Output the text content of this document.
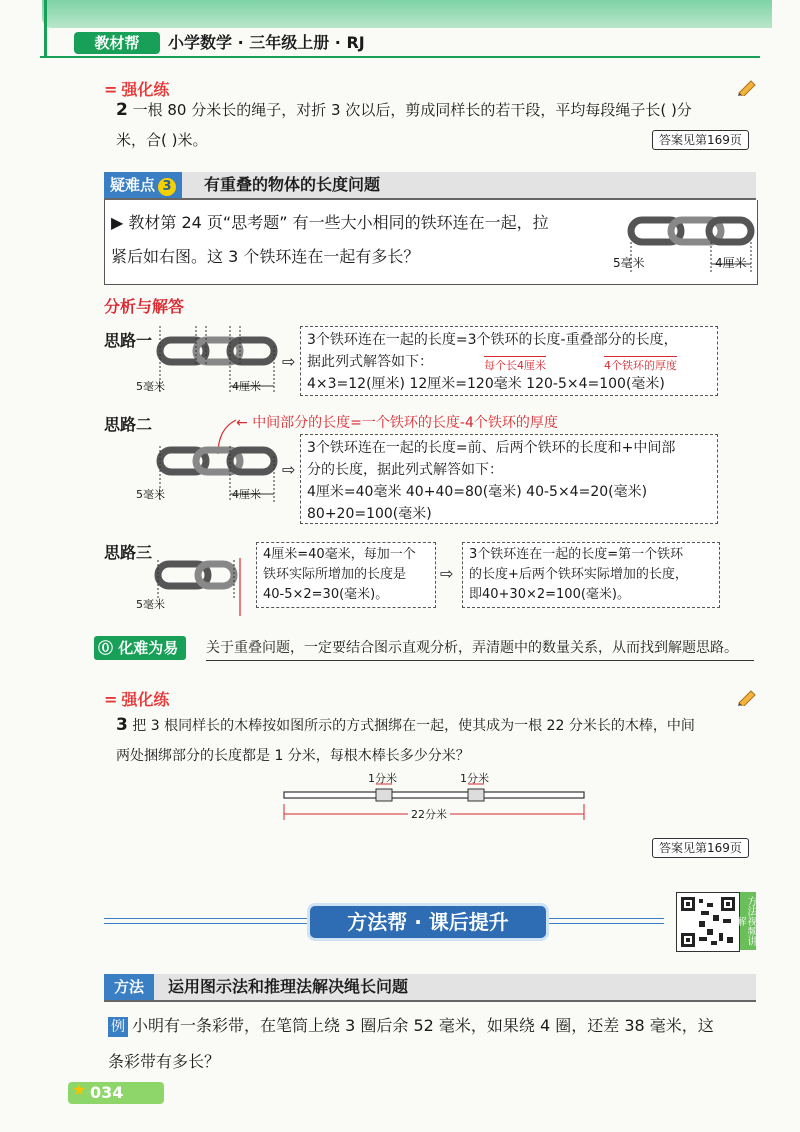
教材帮	小学数学 · 三年级上册 · RJ
= 强化练
2 一根 80 分米长的绳子，对折 3 次以后，剪成同样长的若干段，平均每段绳子长( )分
米，合( )米。	答案见第169页
疑难点 3	有重叠的物体的长度问题
▶ 教材第 24 页“思考题” 有一些大小相同的铁环连在一起，拉
紧后如右图。这 3 个铁环连在一起有多长？	5毫米	4厘米
分析与解答
思路一
5毫米	4厘米
⇨
3个铁环连在一起的长度=3个铁环的长度-重叠部分的长度，
据此列式解答如下：
4×3=12(厘米) 12厘米=120毫米 120-5×4=100(毫米)
每个长4厘米	4个铁环的厚度
思路二	← 中间部分的长度=一个铁环的长度-4个铁环的厚度
5毫米	4厘米
⇨
3个铁环连在一起的长度=前、后两个铁环的长度和+中间部
分的长度，据此列式解答如下：
4厘米=40毫米 40+40=80(毫米) 40-5×4=20(毫米)
80+20=100(毫米)
思路三
5毫米
4厘米=40毫米，每加一个
铁环实际所增加的长度是
40-5×2=30(毫米)。
⇨
3个铁环连在一起的长度=第一个铁环
的长度+后两个铁环实际增加的长度，
即40+30×2=100(毫米)。
⓪ 化难为易	关于重叠问题，一定要结合图示直观分析，弄清题中的数量关系，从而找到解题思路。
= 强化练
3 把 3 根同样长的木棒按如图所示的方式捆绑在一起，使其成为一根 22 分米长的木棒，中间
两处捆绑部分的长度都是 1 分米，每根木棒长多少分米？
1分米	1分米
22分米
答案见第169页
方法帮 · 课后提升	方法视频讲解
方法	运用图示法和推理法解决绳长问题
例 小明有一条彩带，在笔筒上绕 3 圈后余 52 毫米，如果绕 4 圈，还差 38 毫米，这
条彩带有多长？
★ 034
